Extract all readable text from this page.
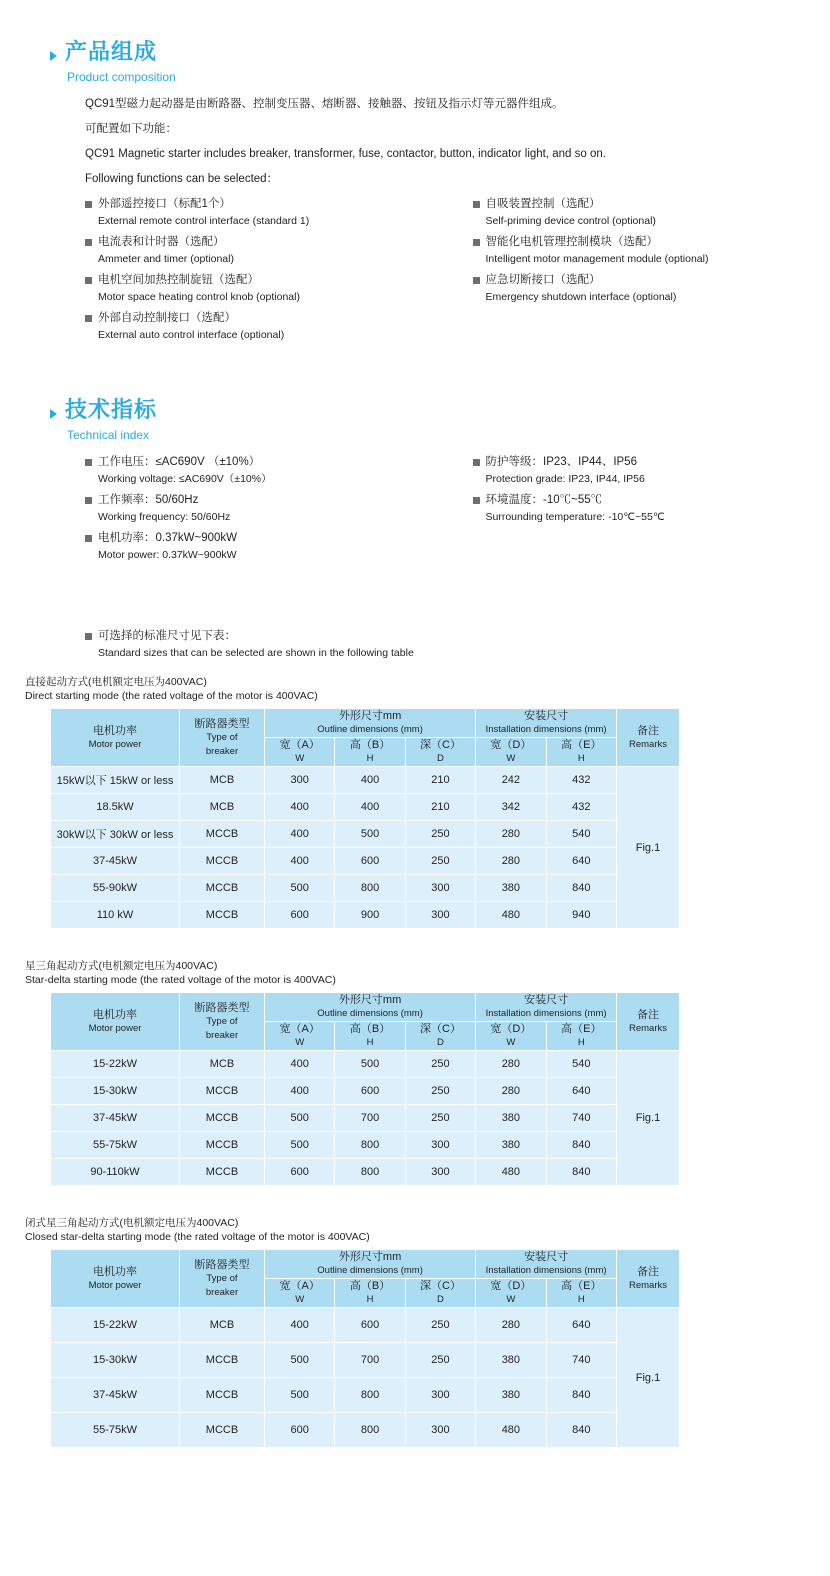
产品组成
Product composition

QC91型磁力起动器是由断路器、控制变压器、熔断器、接触器、按钮及指示灯等元器件组成。

可配置如下功能：

QC91 Magnetic starter includes breaker, transformer, fuse, contactor, button, indicator light, and so on.

Following functions can be selected：

外部遥控接口（标配1个）
External remote control interface (standard 1)
电流表和计时器（选配）
Ammeter and timer (optional)
电机空间加热控制旋钮（选配）
Motor space heating control knob (optional)
外部自动控制接口（选配）
External auto control interface (optional)
自吸装置控制（选配）
Self-priming device control (optional)
智能化电机管理控制模块（选配）
Intelligent motor management module (optional)
应急切断接口（选配）
Emergency shutdown interface (optional)
技术指标
Technical index
工作电压：≤AC690V （±10%）
Working voltage: ≤AC690V（±10%）
工作频率：50/60Hz
Working frequency: 50/60Hz
电机功率：0.37kW~900kW
Motor power: 0.37kW~900kW
防护等级：IP23、IP44、IP56
Protection grade: IP23, IP44, IP56
环境温度：-10℃~55℃
Surrounding temperature: -10℃~55℃
可选择的标准尺寸见下表：
Standard sizes that can be selected are shown in the following table
直接起动方式(电机额定电压为400VAC)
Direct starting mode (the rated voltage of the motor is 400VAC)
电机功率
Motor power	断路器类型
Type of
breaker	外形尺寸mm
Outline dimensions (mm)			安装尺寸
Installation dimensions (mm)		备注
Remarks

		宽（A）
W	高（B）
H	深（C）
D	宽（D）
W	高（E）
H	

15kW以下 15kW or less	MCB	300	400	210	242	432	Fig.1
18.5kW	MCB	400	400	210	342	432	
30kW以下 30kW or less	MCCB	400	500	250	280	540	
37-45kW	MCCB	400	600	250	280	640	
55-90kW	MCCB	500	800	300	380	840	
110 kW	MCCB	600	900	300	480	940	
星三角起动方式(电机额定电压为400VAC)
Star-delta starting mode (the rated voltage of the motor is 400VAC)
电机功率
Motor power	断路器类型
Type of
breaker	外形尺寸mm
Outline dimensions (mm)			安装尺寸
Installation dimensions (mm)		备注
Remarks

		宽（A）
W	高（B）
H	深（C）
D	宽（D）
W	高（E）
H	

15-22kW	MCB	400	500	250	280	540	Fig.1
15-30kW	MCCB	400	600	250	280	640	
37-45kW	MCCB	500	700	250	380	740	
55-75kW	MCCB	500	800	300	380	840	
90-110kW	MCCB	600	800	300	480	840	
闭式星三角起动方式(电机额定电压为400VAC)
Closed star-delta starting mode (the rated voltage of the motor is 400VAC)
电机功率
Motor power	断路器类型
Type of
breaker	外形尺寸mm
Outline dimensions (mm)			安装尺寸
Installation dimensions (mm)		备注
Remarks

		宽（A）
W	高（B）
H	深（C）
D	宽（D）
W	高（E）
H	

15-22kW	MCB	400	600	250	280	640	Fig.1
15-30kW	MCCB	500	700	250	380	740	
37-45kW	MCCB	500	800	300	380	840	
55-75kW	MCCB	600	800	300	480	840	
